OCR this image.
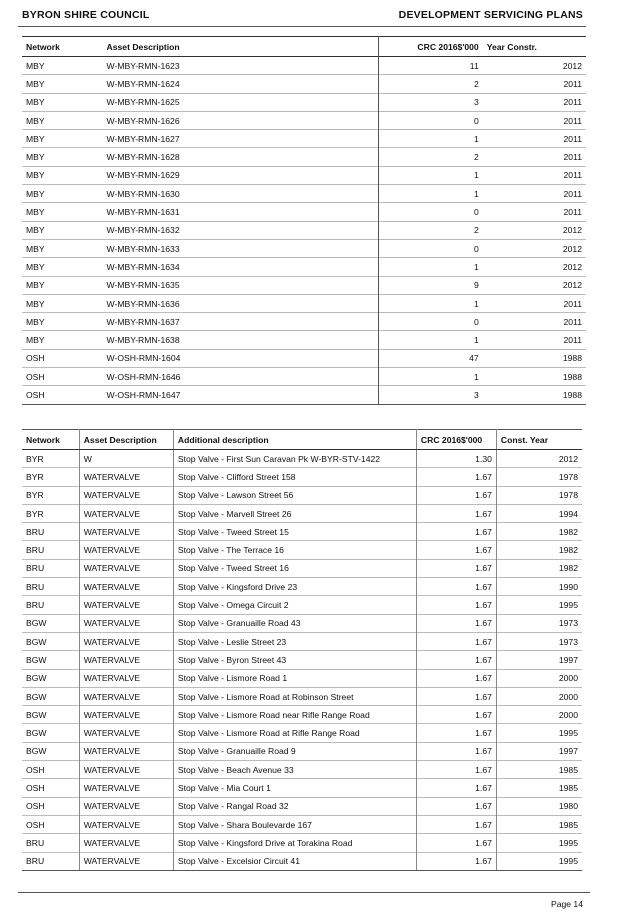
BYRON SHIRE COUNCIL	DEVELOPMENT SERVICING PLANS
Network	Asset Description	CRC 2016$'000	Year Constr.
MBY	W-MBY-RMN-1623	11	2012
MBY	W-MBY-RMN-1624	2	2011
MBY	W-MBY-RMN-1625	3	2011
MBY	W-MBY-RMN-1626	0	2011
MBY	W-MBY-RMN-1627	1	2011
MBY	W-MBY-RMN-1628	2	2011
MBY	W-MBY-RMN-1629	1	2011
MBY	W-MBY-RMN-1630	1	2011
MBY	W-MBY-RMN-1631	0	2011
MBY	W-MBY-RMN-1632	2	2012
MBY	W-MBY-RMN-1633	0	2012
MBY	W-MBY-RMN-1634	1	2012
MBY	W-MBY-RMN-1635	9	2012
MBY	W-MBY-RMN-1636	1	2011
MBY	W-MBY-RMN-1637	0	2011
MBY	W-MBY-RMN-1638	1	2011
OSH	W-OSH-RMN-1604	47	1988
OSH	W-OSH-RMN-1646	1	1988
OSH	W-OSH-RMN-1647	3	1988
Network	Asset Description	Additional description	CRC 2016$'000	Const. Year
BYR	W	Stop Valve - First Sun Caravan Pk W-BYR-STV-1422	1.30	2012
BYR	WATERVALVE	Stop Valve - Clifford Street 158	1.67	1978
BYR	WATERVALVE	Stop Valve - Lawson Street 56	1.67	1978
BYR	WATERVALVE	Stop Valve - Marvell Street 26	1.67	1994
BRU	WATERVALVE	Stop Valve - Tweed Street 15	1.67	1982
BRU	WATERVALVE	Stop Valve - The Terrace 16	1.67	1982
BRU	WATERVALVE	Stop Valve - Tweed Street 16	1.67	1982
BRU	WATERVALVE	Stop Valve - Kingsford Drive 23	1.67	1990
BRU	WATERVALVE	Stop Valve - Omega Circuit 2	1.67	1995
BGW	WATERVALVE	Stop Valve - Granuaille Road 43	1.67	1973
BGW	WATERVALVE	Stop Valve - Leslie Street 23	1.67	1973
BGW	WATERVALVE	Stop Valve - Byron Street 43	1.67	1997
BGW	WATERVALVE	Stop Valve - Lismore Road 1	1.67	2000
BGW	WATERVALVE	Stop Valve - Lismore Road at Robinson Street	1.67	2000
BGW	WATERVALVE	Stop Valve - Lismore Road near Rifle Range Road	1.67	2000
BGW	WATERVALVE	Stop Valve - Lismore Road at Rifle Range Road	1.67	1995
BGW	WATERVALVE	Stop Valve - Granuaille Road 9	1.67	1997
OSH	WATERVALVE	Stop Valve - Beach Avenue 33	1.67	1985
OSH	WATERVALVE	Stop Valve - Mia Court 1	1.67	1985
OSH	WATERVALVE	Stop Valve - Rangal Road 32	1.67	1980
OSH	WATERVALVE	Stop Valve - Shara Boulevarde 167	1.67	1985
BRU	WATERVALVE	Stop Valve - Kingsford Drive at Torakina Road	1.67	1995
BRU	WATERVALVE	Stop Valve - Excelsior Circuit 41	1.67	1995
Page 14
